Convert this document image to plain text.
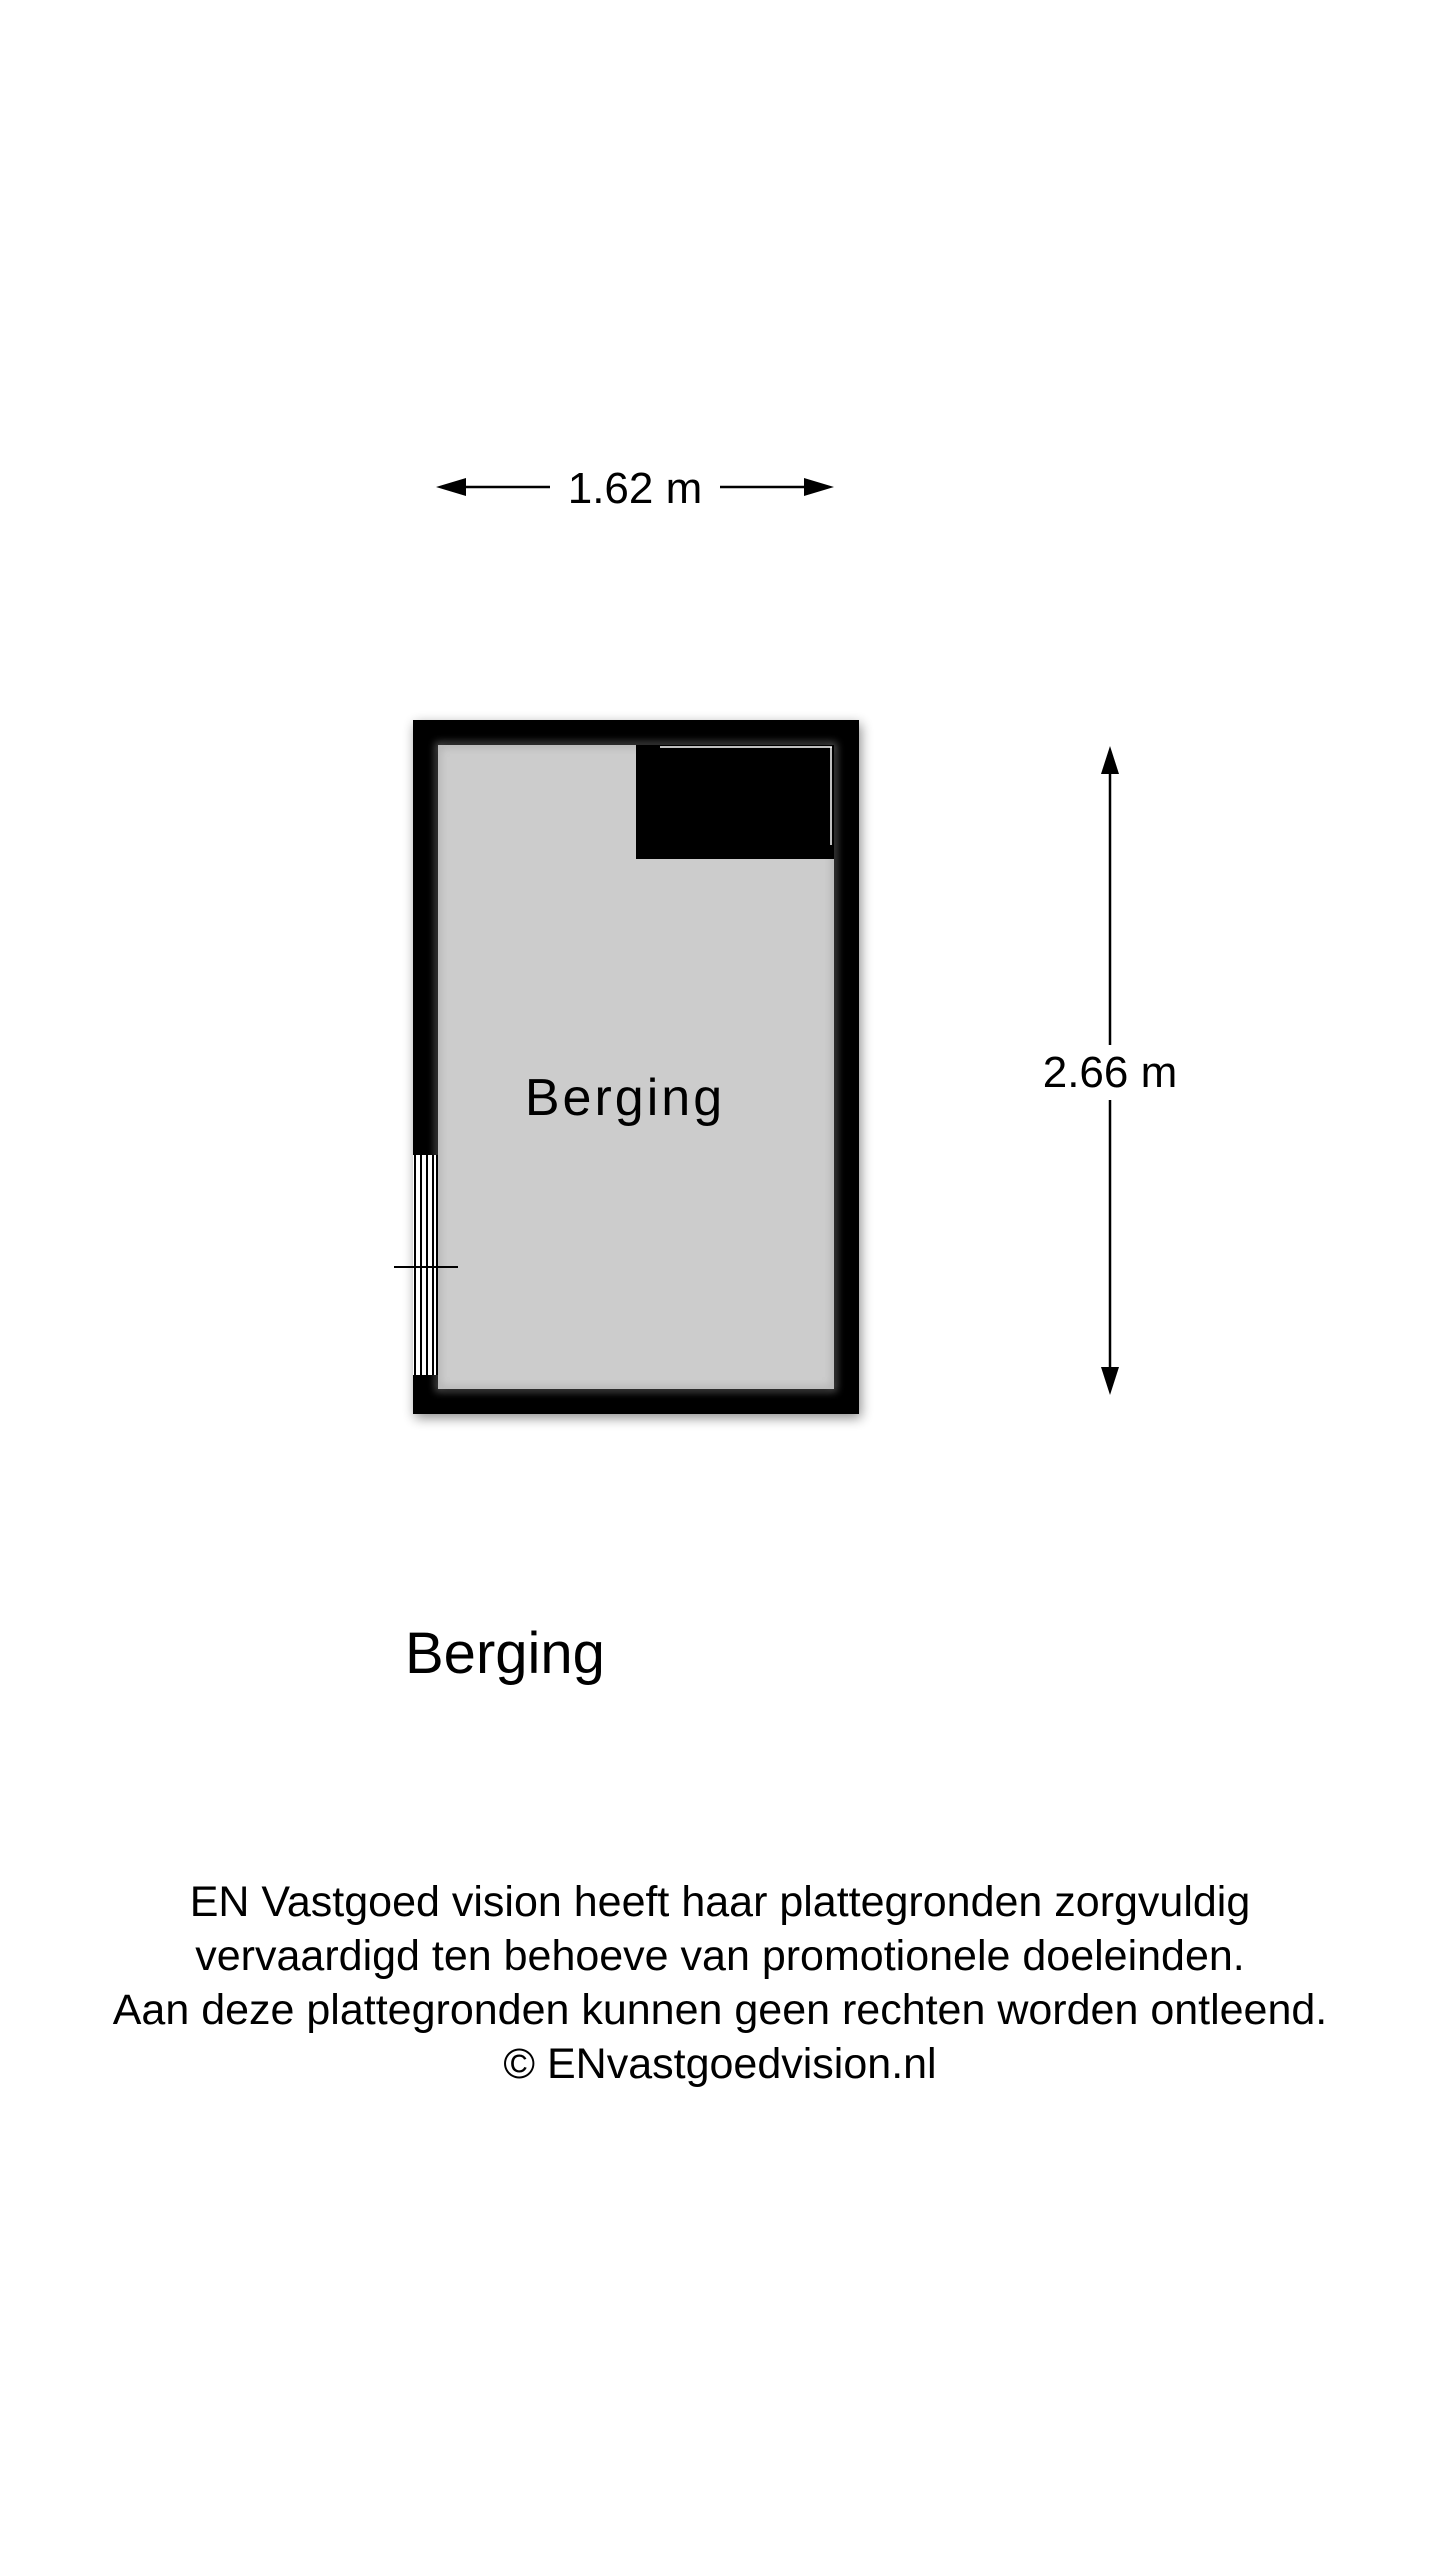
1.62 m
Berging	2.66 m
Berging
EN Vastgoed vision heeft haar plattegronden zorgvuldig
vervaardigd ten behoeve van promotionele doeleinden.
Aan deze plattegronden kunnen geen rechten worden ontleend.
© ENvastgoedvision.nl
